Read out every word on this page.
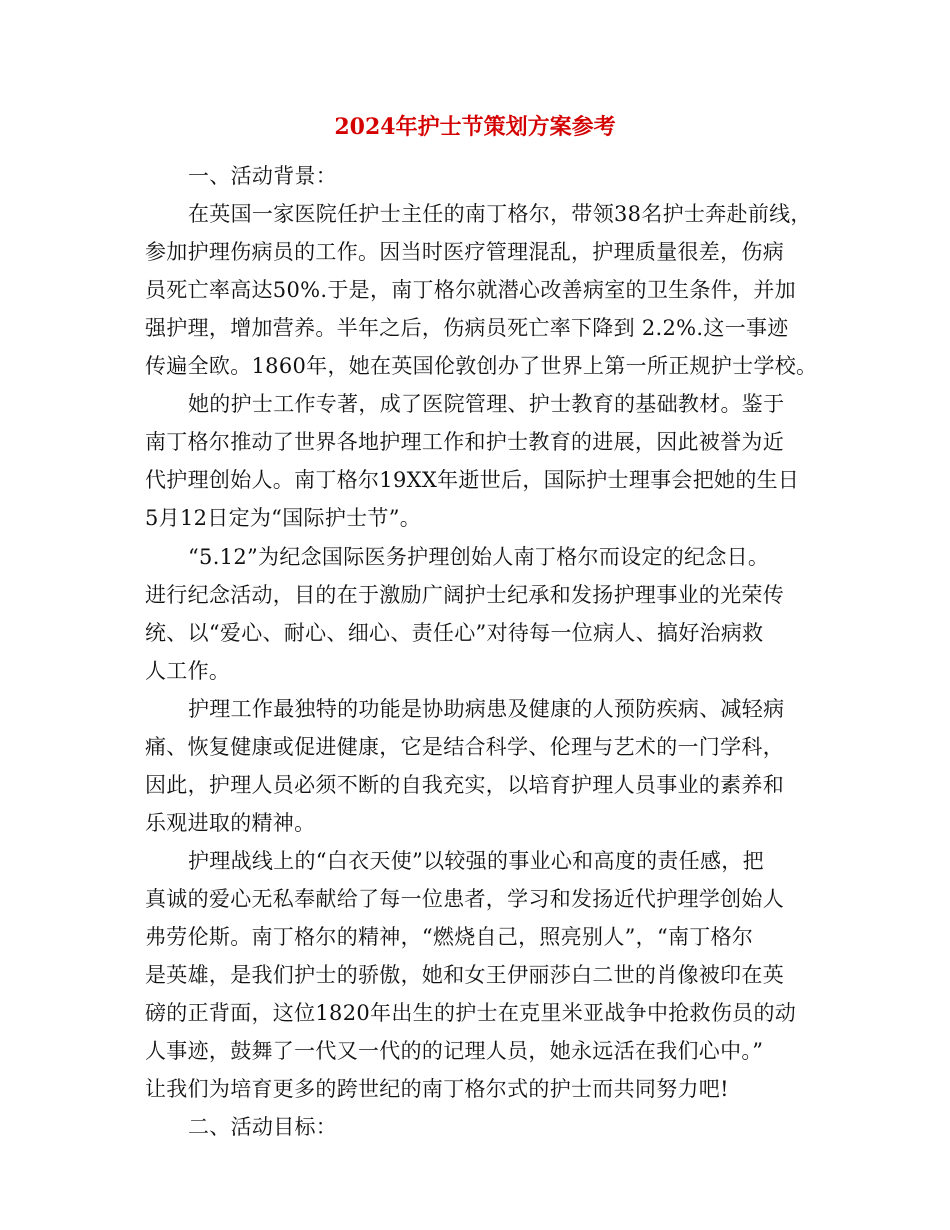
2024年护士节策划方案参考
一、活动背景：
在英国一家医院任护士主任的南丁格尔，带领38名护士奔赴前线，
参加护理伤病员的工作。因当时医疗管理混乱，护理质量很差，伤病
员死亡率高达50%.于是，南丁格尔就潜心改善病室的卫生条件，并加
强护理，增加营养。半年之后，伤病员死亡率下降到 2.2%.这一事迹
传遍全欧。1860年，她在英国伦敦创办了世界上第一所正规护士学校。
她的护士工作专著，成了医院管理、护士教育的基础教材。鉴于
南丁格尔推动了世界各地护理工作和护士教育的进展，因此被誉为近
代护理创始人。南丁格尔19XX年逝世后，国际护士理事会把她的生日
5月12日定为“国际护士节”。
“5.12”为纪念国际医务护理创始人南丁格尔而设定的纪念日。
进行纪念活动，目的在于激励广阔护士纪承和发扬护理事业的光荣传
统、以“爱心、耐心、细心、责任心”对待每一位病人、搞好治病救
人工作。
护理工作最独特的功能是协助病患及健康的人预防疾病、减轻病
痛、恢复健康或促进健康，它是结合科学、伦理与艺术的一门学科，
因此，护理人员必须不断的自我充实，以培育护理人员事业的素养和
乐观进取的精神。
护理战线上的“白衣天使”以较强的事业心和高度的责任感，把
真诚的爱心无私奉献给了每一位患者，学习和发扬近代护理学创始人
弗劳伦斯。南丁格尔的精神，“燃烧自己，照亮别人”，“南丁格尔
是英雄，是我们护士的骄傲，她和女王伊丽莎白二世的肖像被印在英
磅的正背面，这位1820年出生的护士在克里米亚战争中抢救伤员的动
人事迹，鼓舞了一代又一代的的记理人员，她永远活在我们心中。”
让我们为培育更多的跨世纪的南丁格尔式的护士而共同努力吧!
二、活动目标：
